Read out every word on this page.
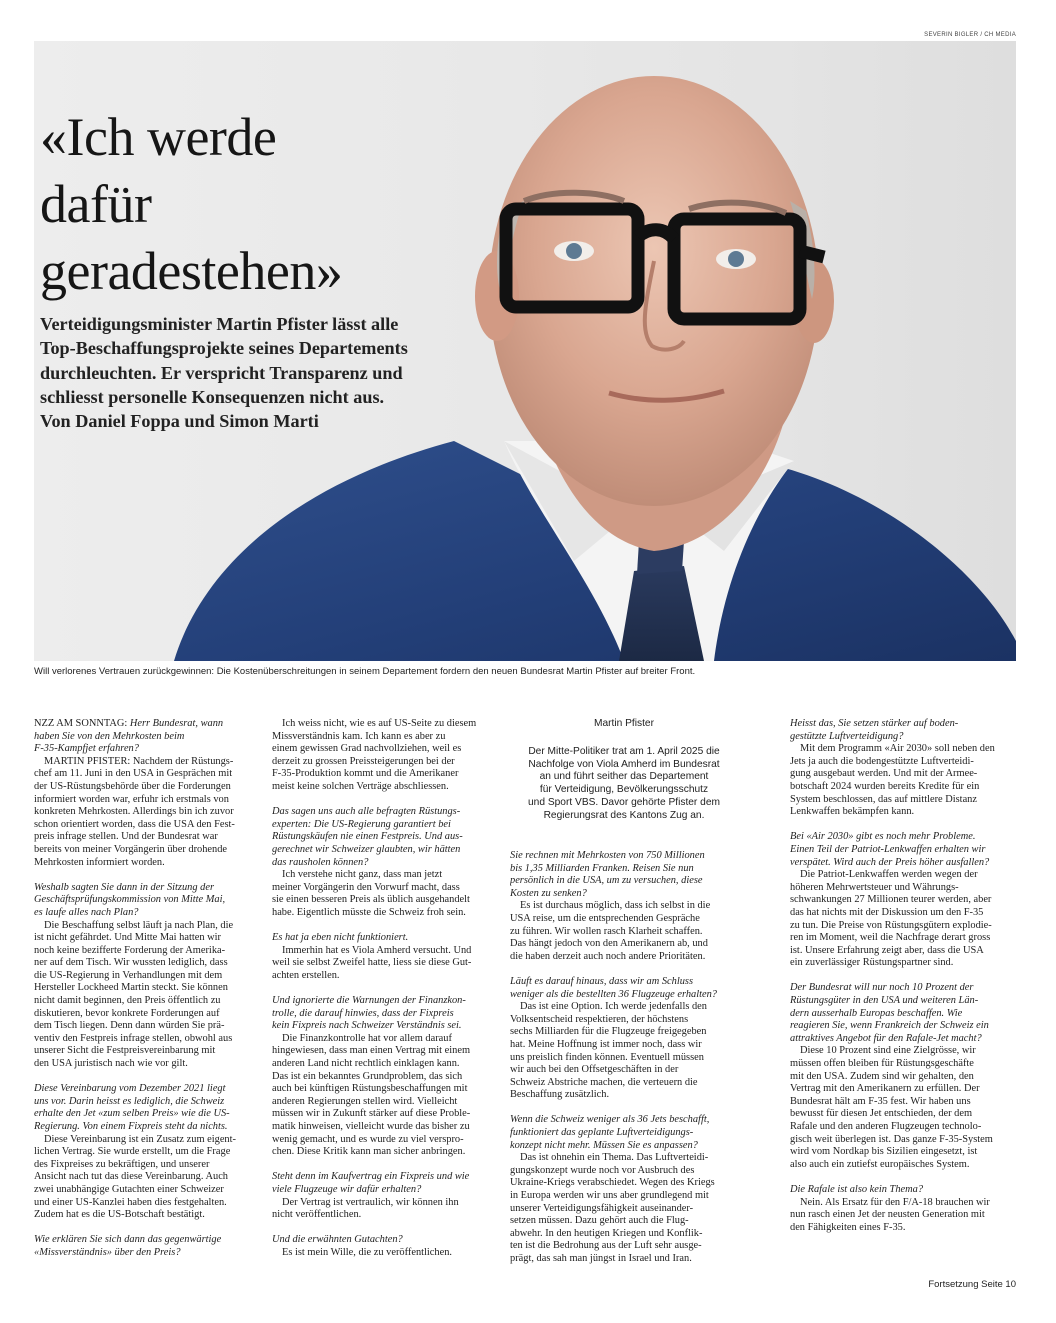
SEVERIN BIGLER / CH MEDIA
«Ich werde
dafür
geradestehen»
Verteidigungsminister Martin Pfister lässt alle
Top-Beschaffungsprojekte seines Departements
durchleuchten. Er verspricht Transparenz und
schliesst personelle Konsequenzen nicht aus.
Von Daniel Foppa und Simon Marti
Will verlorenes Vertrauen zurückgewinnen: Die Kostenüberschreitungen in seinem Departement fordern den neuen Bundesrat Martin Pfister auf breiter Front.

NZZ AM SONNTAG: Herr Bundesrat, wann
haben Sie von den Mehrkosten beim
F-35-Kampfjet erfahren?
MARTIN PFISTER: Nachdem der Rüstungs-
chef am 11. Juni in den USA in Gesprächen mit
der US-Rüstungsbehörde über die Forderungen
informiert worden war, erfuhr ich erstmals von
konkreten Mehrkosten. Allerdings bin ich zuvor
schon orientiert worden, dass die USA den Fest-
preis infrage stellen. Und der Bundesrat war
bereits von meiner Vorgängerin über drohende
Mehrkosten informiert worden.

Weshalb sagten Sie dann in der Sitzung der
Geschäftsprüfungskommission von Mitte Mai,
es laufe alles nach Plan?

Die Beschaffung selbst läuft ja nach Plan, die
ist nicht gefährdet. Und Mitte Mai hatten wir
noch keine bezifferte Forderung der Amerika-
ner auf dem Tisch. Wir wussten lediglich, dass
die US-Regierung in Verhandlungen mit dem
Hersteller Lockheed Martin steckt. Sie können
nicht damit beginnen, den Preis öffentlich zu
diskutieren, bevor konkrete Forderungen auf
dem Tisch liegen. Denn dann würden Sie prä-
ventiv den Festpreis infrage stellen, obwohl aus
unserer Sicht die Festpreisvereinbarung mit
den USA juristisch nach wie vor gilt.

Diese Vereinbarung vom Dezember 2021 liegt
uns vor. Darin heisst es lediglich, die Schweiz
erhalte den Jet «zum selben Preis» wie die US-
Regierung. Von einem Fixpreis steht da nichts.

Diese Vereinbarung ist ein Zusatz zum eigent-
lichen Vertrag. Sie wurde erstellt, um die Frage
des Fixpreises zu bekräftigen, und unserer
Ansicht nach tut das diese Vereinbarung. Auch
zwei unabhängige Gutachten einer Schweizer
und einer US-Kanzlei haben dies festgehalten.
Zudem hat es die US-Botschaft bestätigt.

Wie erklären Sie sich dann das gegenwärtige
«Missverständnis» über den Preis?

Ich weiss nicht, wie es auf US-Seite zu diesem
Missverständnis kam. Ich kann es aber zu
einem gewissen Grad nachvollziehen, weil es
derzeit zu grossen Preissteigerungen bei der
F-35-Produktion kommt und die Amerikaner
meist keine solchen Verträge abschliessen.

Das sagen uns auch alle befragten Rüstungs-
experten: Die US-Regierung garantiert bei
Rüstungskäufen nie einen Festpreis. Und aus-
gerechnet wir Schweizer glaubten, wir hätten
das rausholen können?

Ich verstehe nicht ganz, dass man jetzt
meiner Vorgängerin den Vorwurf macht, dass
sie einen besseren Preis als üblich ausgehandelt
habe. Eigentlich müsste die Schweiz froh sein.

Es hat ja eben nicht funktioniert.

Immerhin hat es Viola Amherd versucht. Und
weil sie selbst Zweifel hatte, liess sie diese Gut-
achten erstellen.

Und ignorierte die Warnungen der Finanzkon-
trolle, die darauf hinwies, dass der Fixpreis
kein Fixpreis nach Schweizer Verständnis sei.

Die Finanzkontrolle hat vor allem darauf
hingewiesen, dass man einen Vertrag mit einem
anderen Land nicht rechtlich einklagen kann.
Das ist ein bekanntes Grundproblem, das sich
auch bei künftigen Rüstungsbeschaffungen mit
anderen Regierungen stellen wird. Vielleicht
müssen wir in Zukunft stärker auf diese Proble-
matik hinweisen, vielleicht wurde das bisher zu
wenig gemacht, und es wurde zu viel verspro-
chen. Diese Kritik kann man sicher anbringen.

Steht denn im Kaufvertrag ein Fixpreis und wie
viele Flugzeuge wir dafür erhalten?

Der Vertrag ist vertraulich, wir können ihn
nicht veröffentlichen.

Und die erwähnten Gutachten?

Es ist mein Wille, die zu veröffentlichen.

Martin Pfister
Der Mitte-Politiker trat am 1. April 2025 die
Nachfolge von Viola Amherd im Bundesrat
an und führt seither das Departement
für Verteidigung, Bevölkerungsschutz
und Sport VBS. Davor gehörte Pfister dem
Regierungsrat des Kantons Zug an.

Sie rechnen mit Mehrkosten von 750 Millionen
bis 1,35 Milliarden Franken. Reisen Sie nun
persönlich in die USA, um zu versuchen, diese
Kosten zu senken?

Es ist durchaus möglich, dass ich selbst in die
USA reise, um die entsprechenden Gespräche
zu führen. Wir wollen rasch Klarheit schaffen.
Das hängt jedoch von den Amerikanern ab, und
die haben derzeit auch noch andere Prioritäten.

Läuft es darauf hinaus, dass wir am Schluss
weniger als die bestellten 36 Flugzeuge erhalten?

Das ist eine Option. Ich werde jedenfalls den
Volksentscheid respektieren, der höchstens
sechs Milliarden für die Flugzeuge freigegeben
hat. Meine Hoffnung ist immer noch, dass wir
uns preislich finden können. Eventuell müssen
wir auch bei den Offsetgeschäften in der
Schweiz Abstriche machen, die verteuern die
Beschaffung zusätzlich.

Wenn die Schweiz weniger als 36 Jets beschafft,
funktioniert das geplante Luftverteidigungs-
konzept nicht mehr. Müssen Sie es anpassen?

Das ist ohnehin ein Thema. Das Luftverteidi-
gungskonzept wurde noch vor Ausbruch des
Ukraine-Kriegs verabschiedet. Wegen des Kriegs
in Europa werden wir uns aber grundlegend mit
unserer Verteidigungsfähigkeit auseinander-
setzen müssen. Dazu gehört auch die Flug-
abwehr. In den heutigen Kriegen und Konflik-
ten ist die Bedrohung aus der Luft sehr ausge-
prägt, das sah man jüngst in Israel und Iran.

Heisst das, Sie setzen stärker auf boden-
gestützte Luftverteidigung?

Mit dem Programm «Air 2030» soll neben den
Jets ja auch die bodengestützte Luftverteidi-
gung ausgebaut werden. Und mit der Armee-
botschaft 2024 wurden bereits Kredite für ein
System beschlossen, das auf mittlere Distanz
Lenkwaffen bekämpfen kann.

Bei «Air 2030» gibt es noch mehr Probleme.
Einen Teil der Patriot-Lenkwaffen erhalten wir
verspätet. Wird auch der Preis höher ausfallen?

Die Patriot-Lenkwaffen werden wegen der
höheren Mehrwertsteuer und Währungs-
schwankungen 27 Millionen teurer werden, aber
das hat nichts mit der Diskussion um den F-35
zu tun. Die Preise von Rüstungsgütern explodie-
ren im Moment, weil die Nachfrage derart gross
ist. Unsere Erfahrung zeigt aber, dass die USA
ein zuverlässiger Rüstungspartner sind.

Der Bundesrat will nur noch 10 Prozent der
Rüstungsgüter in den USA und weiteren Län-
dern ausserhalb Europas beschaffen. Wie
reagieren Sie, wenn Frankreich der Schweiz ein
attraktives Angebot für den Rafale-Jet macht?

Diese 10 Prozent sind eine Zielgrösse, wir
müssen offen bleiben für Rüstungsgeschäfte
mit den USA. Zudem sind wir gehalten, den
Vertrag mit den Amerikanern zu erfüllen. Der
Bundesrat hält am F-35 fest. Wir haben uns
bewusst für diesen Jet entschieden, der dem
Rafale und den anderen Flugzeugen technolo-
gisch weit überlegen ist. Das ganze F-35-System
wird vom Nordkap bis Sizilien eingesetzt, ist
also auch ein zutiefst europäisches System.

Die Rafale ist also kein Thema?

Nein. Als Ersatz für den F/A-18 brauchen wir
nun rasch einen Jet der neusten Generation mit
den Fähigkeiten eines F-35.

Fortsetzung Seite 10
